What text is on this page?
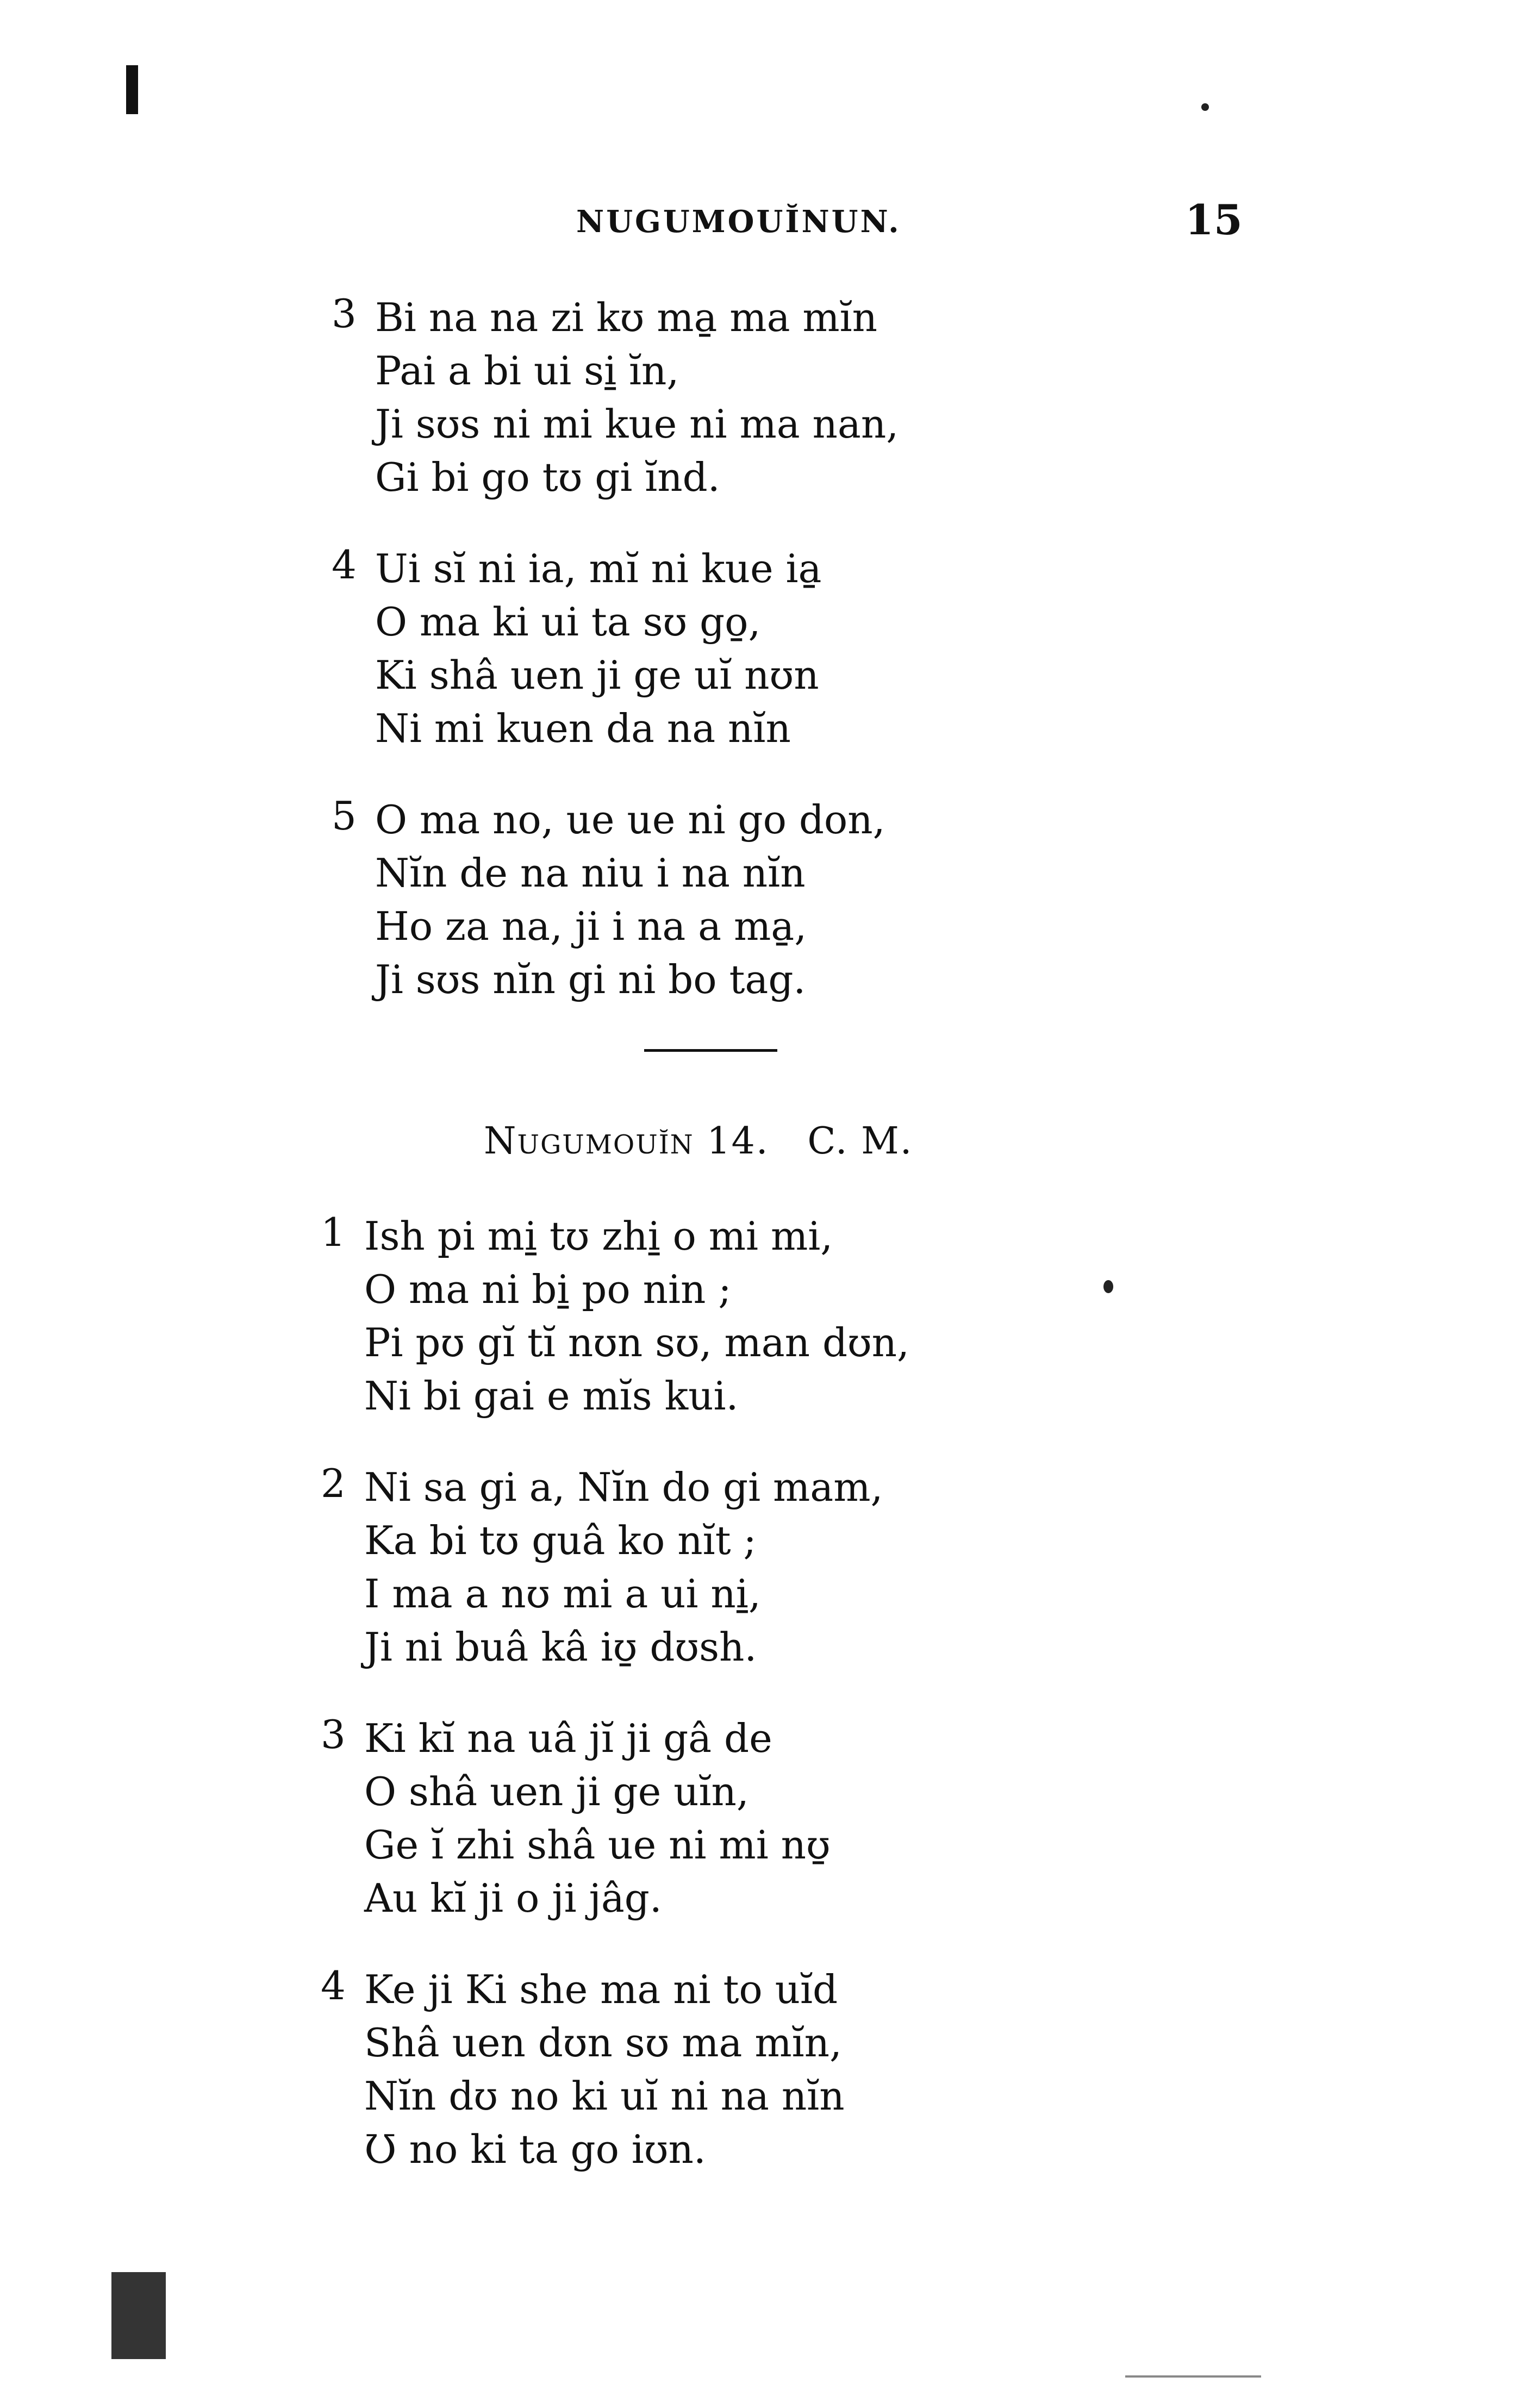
NUGUMOUĬNUN.	15
3 Bi na na zi kʊ ma̱ ma mĭn
Pai a bi ui si̱ ĭn,
Ji sʊs ni mi kue ni ma nan,
Gi bi go tʊ gi ĭnd.
4 Ui sĭ ni ia, mĭ ni kue ia̱
O ma ki ui ta sʊ go̱,
Ki shâ uen ji ge uĭ nʊn
Ni mi kuen da na nĭn
5 O ma no, ue ue ni go don,
Nĭn de na niu i na nĭn
Ho za na, ji i na a ma̱,
Ji sʊs nĭn gi ni bo tag.
Nugumouĭn 14. C. M.
1 Ish pi mi̱ tʊ zhi̱ o mi mi,
O ma ni bi̱ po nin ;
Pi pʊ gĭ tĭ nʊn sʊ, man dʊn,
Ni bi gai e mĭs kui.
2 Ni sa gi a, Nĭn do gi mam,
Ka bi tʊ guâ ko nĭt ;
I ma a nʊ mi a ui ni̱,
Ji ni buâ kâ iʊ̱ dʊsh.
3 Ki kĭ na uâ jĭ ji gâ de
O shâ uen ji ge uĭn,
Ge ĭ zhi shâ ue ni mi nʊ̱
Au kĭ ji o ji jâg.
4 Ke ji Ki she ma ni to uĭd
Shâ uen dʊn sʊ ma mĭn,
Nĭn dʊ no ki uĭ ni na nĭn
Ʊ no ki ta go iʊn.
